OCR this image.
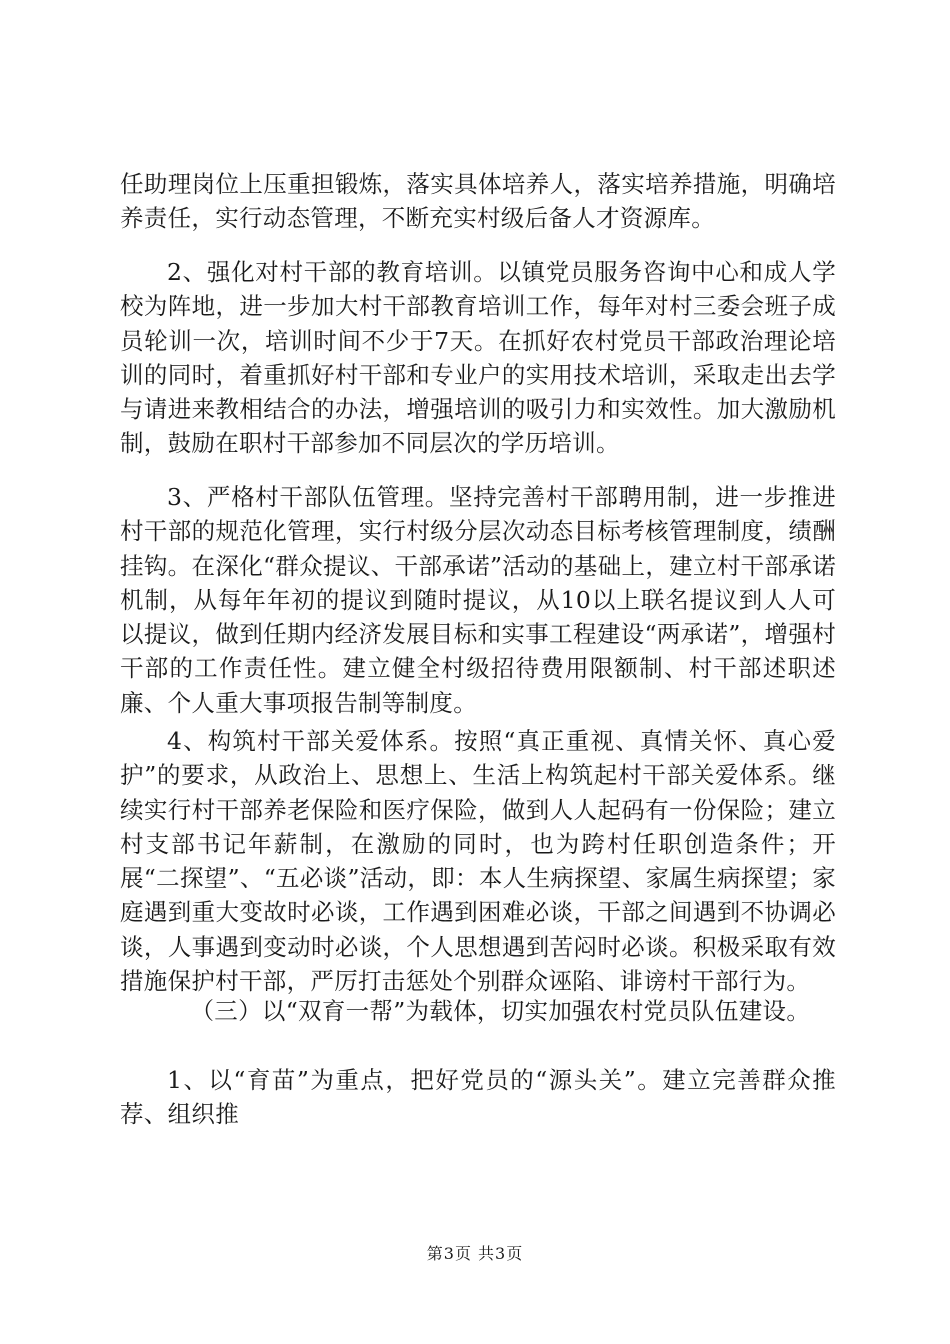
任助理岗位上压重担锻炼，落实具体培养人，落实培养措施，明确培养责任，实行动态管理，不断充实村级后备人才资源库。

2、强化对村干部的教育培训。以镇党员服务咨询中心和成人学校为阵地，进一步加大村干部教育培训工作，每年对村三委会班子成员轮训一次，培训时间不少于7天。在抓好农村党员干部政治理论培训的同时，着重抓好村干部和专业户的实用技术培训，采取走出去学与请进来教相结合的办法，增强培训的吸引力和实效性。加大激励机制，鼓励在职村干部参加不同层次的学历培训。

3、严格村干部队伍管理。坚持完善村干部聘用制，进一步推进村干部的规范化管理，实行村级分层次动态目标考核管理制度，绩酬挂钩。在深化“群众提议、干部承诺”活动的基础上，建立村干部承诺机制，从每年年初的提议到随时提议，从10以上联名提议到人人可以提议，做到任期内经济发展目标和实事工程建设“两承诺”，增强村干部的工作责任性。建立健全村级招待费用限额制、村干部述职述廉、个人重大事项报告制等制度。

4、构筑村干部关爱体系。按照“真正重视、真情关怀、真心爱护”的要求，从政治上、思想上、生活上构筑起村干部关爱体系。继续实行村干部养老保险和医疗保险，做到人人起码有一份保险；建立村支部书记年薪制，在激励的同时，也为跨村任职创造条件；开展“二探望”、“五必谈”活动，即：本人生病探望、家属生病探望；家庭遇到重大变故时必谈，工作遇到困难必谈，干部之间遇到不协调必谈，人事遇到变动时必谈，个人思想遇到苦闷时必谈。积极采取有效措施保护村干部，严厉打击惩处个别群众诬陷、诽谤村干部行为。

（三）以“双育一帮”为载体，切实加强农村党员队伍建设。

1、以“育苗”为重点，把好党员的“源头关”。建立完善群众推荐、组织推

第3页 共3页
